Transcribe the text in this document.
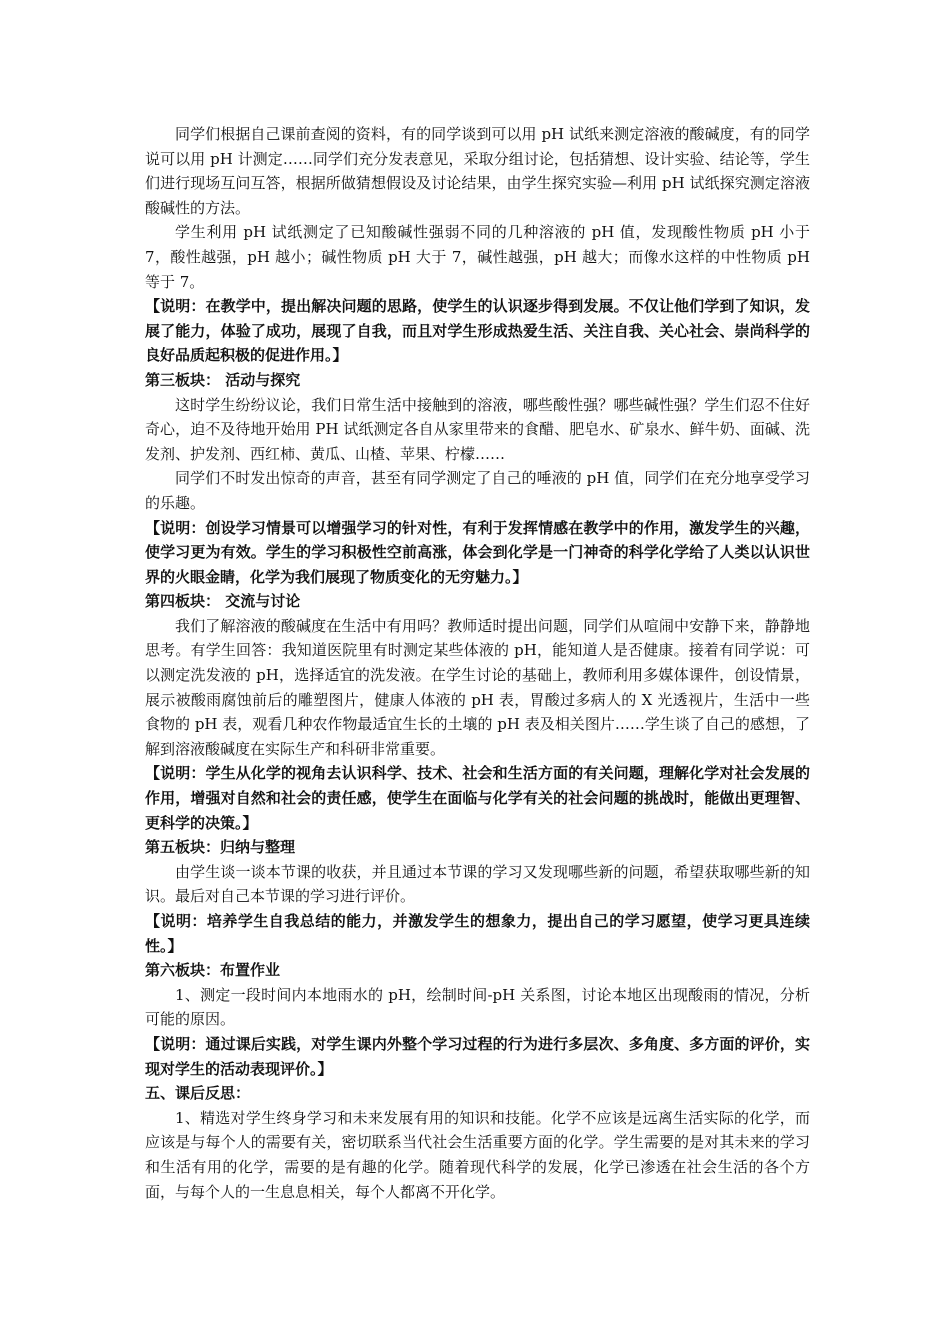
同学们根据自己课前查阅的资料，有的同学谈到可以用 pH 试纸来测定溶液的酸碱度，有的同学说可以用 pH 计测定……同学们充分发表意见，采取分组讨论，包括猜想、设计实验、结论等，学生们进行现场互问互答，根据所做猜想假设及讨论结果，由学生探究实验—利用 pH 试纸探究测定溶液酸碱性的方法。

学生利用 pH 试纸测定了已知酸碱性强弱不同的几种溶液的 pH 值，发现酸性物质 pH 小于 7，酸性越强，pH 越小；碱性物质 pH 大于 7，碱性越强，pH 越大；而像水这样的中性物质 pH 等于 7。

【说明：在教学中，提出解决问题的思路，使学生的认识逐步得到发展。不仅让他们学到了知识，发展了能力，体验了成功，展现了自我，而且对学生形成热爱生活、关注自我、关心社会、崇尚科学的良好品质起积极的促进作用。】

第三板块： 活动与探究

这时学生纷纷议论，我们日常生活中接触到的溶液，哪些酸性强？哪些碱性强？学生们忍不住好奇心，迫不及待地开始用 PH 试纸测定各自从家里带来的食醋、肥皂水、矿泉水、鲜牛奶、面碱、洗发剂、护发剂、西红柿、黄瓜、山楂、苹果、柠檬……

同学们不时发出惊奇的声音，甚至有同学测定了自己的唾液的 pH 值，同学们在充分地享受学习的乐趣。

【说明：创设学习情景可以增强学习的针对性，有利于发挥情感在教学中的作用，激发学生的兴趣，使学习更为有效。学生的学习积极性空前高涨，体会到化学是一门神奇的科学化学给了人类以认识世界的火眼金睛，化学为我们展现了物质变化的无穷魅力。】

第四板块： 交流与讨论

我们了解溶液的酸碱度在生活中有用吗？教师适时提出问题，同学们从喧闹中安静下来，静静地思考。有学生回答：我知道医院里有时测定某些体液的 pH，能知道人是否健康。接着有同学说：可以测定洗发液的 pH，选择适宜的洗发液。在学生讨论的基础上，教师利用多媒体课件，创设情景，展示被酸雨腐蚀前后的雕塑图片，健康人体液的 pH 表，胃酸过多病人的 X 光透视片，生活中一些食物的 pH 表，观看几种农作物最适宜生长的土壤的 pH 表及相关图片……学生谈了自己的感想，了解到溶液酸碱度在实际生产和科研非常重要。

【说明：学生从化学的视角去认识科学、技术、社会和生活方面的有关问题，理解化学对社会发展的作用，增强对自然和社会的责任感，使学生在面临与化学有关的社会问题的挑战时，能做出更理智、更科学的决策。】

第五板块：归纳与整理

由学生谈一谈本节课的收获，并且通过本节课的学习又发现哪些新的问题，希望获取哪些新的知识。最后对自己本节课的学习进行评价。

【说明：培养学生自我总结的能力，并激发学生的想象力，提出自己的学习愿望，使学习更具连续性。】

第六板块：布置作业

1、测定一段时间内本地雨水的 pH，绘制时间-pH 关系图，讨论本地区出现酸雨的情况，分析可能的原因。

【说明：通过课后实践，对学生课内外整个学习过程的行为进行多层次、多角度、多方面的评价，实现对学生的活动表现评价。】

五、课后反思：

1、精选对学生终身学习和未来发展有用的知识和技能。化学不应该是远离生活实际的化学，而应该是与每个人的需要有关，密切联系当代社会生活重要方面的化学。学生需要的是对其未来的学习和生活有用的化学，需要的是有趣的化学。随着现代科学的发展，化学已渗透在社会生活的各个方面，与每个人的一生息息相关，每个人都离不开化学。
